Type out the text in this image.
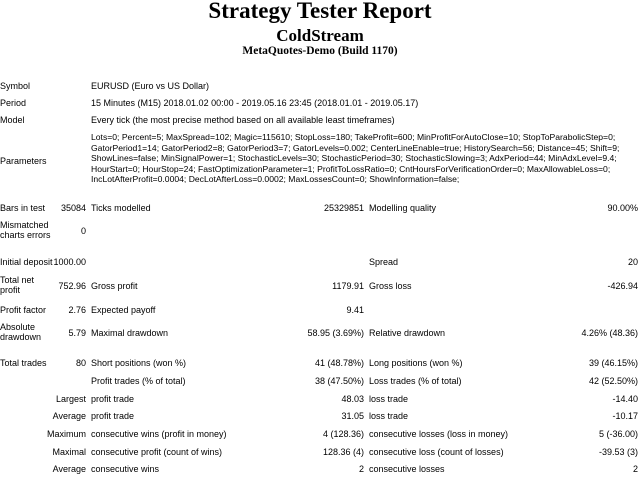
Strategy Tester Report
ColdStream
MetaQuotes-Demo (Build 1170)
Symbol	EURUSD (Euro vs US Dollar)
Period	15 Minutes (M15) 2018.01.02 00:00 - 2019.05.16 23:45 (2018.01.01 - 2019.05.17)
Model	Every tick (the most precise method based on all available least timeframes)
Parameters
Lots=0; Percent=5; MaxSpread=102; Magic=115610; StopLoss=180; TakeProfit=600; MinProfitForAutoClose=10; StopToParabolicStep=0;
GatorPeriod1=14; GatorPeriod2=8; GatorPeriod3=7; GatorLevels=0.002; CenterLineEnable=true; HistorySearch=56; Distance=45; Shift=9;
ShowLines=false; MinSignalPower=1; StochasticLevels=30; StochasticPeriod=30; StochasticSlowing=3; AdxPeriod=44; MinAdxLevel=9.4;
HourStart=0; HourStop=24; FastOptimizationParameter=1; ProfitToLossRatio=0; CntHoursForVerificationOrder=0; MaxAllowableLoss=0;
IncLotAfterProfit=0.0004; DecLotAfterLoss=0.0002; MaxLossesCount=0; ShowInformation=false;
Bars in test	35084 Ticks modelled	25329851 Modelling quality	90.00%
Mismatched charts errors	0
Initial deposit 1000.00	Spread	20
Total net profit	752.96 Gross profit	1179.91 Gross loss	-426.94
Profit factor	2.76 Expected payoff	9.41
Absolute drawdown	5.79 Maximal drawdown	58.95 (3.69%) Relative drawdown	4.26% (48.36)
Total trades	80 Short positions (won %)	41 (48.78%) Long positions (won %)	39 (46.15%)
Profit trades (% of total)	38 (47.50%) Loss trades (% of total)	42 (52.50%)
Largest profit trade	48.03 loss trade	-14.40
Average profit trade	31.05 loss trade	-10.17
Maximum consecutive wins (profit in money)	4 (128.36) consecutive losses (loss in money)	5 (-36.00)
Maximal consecutive profit (count of wins)	128.36 (4) consecutive loss (count of losses)	-39.53 (3)
Average consecutive wins	2 consecutive losses	2
